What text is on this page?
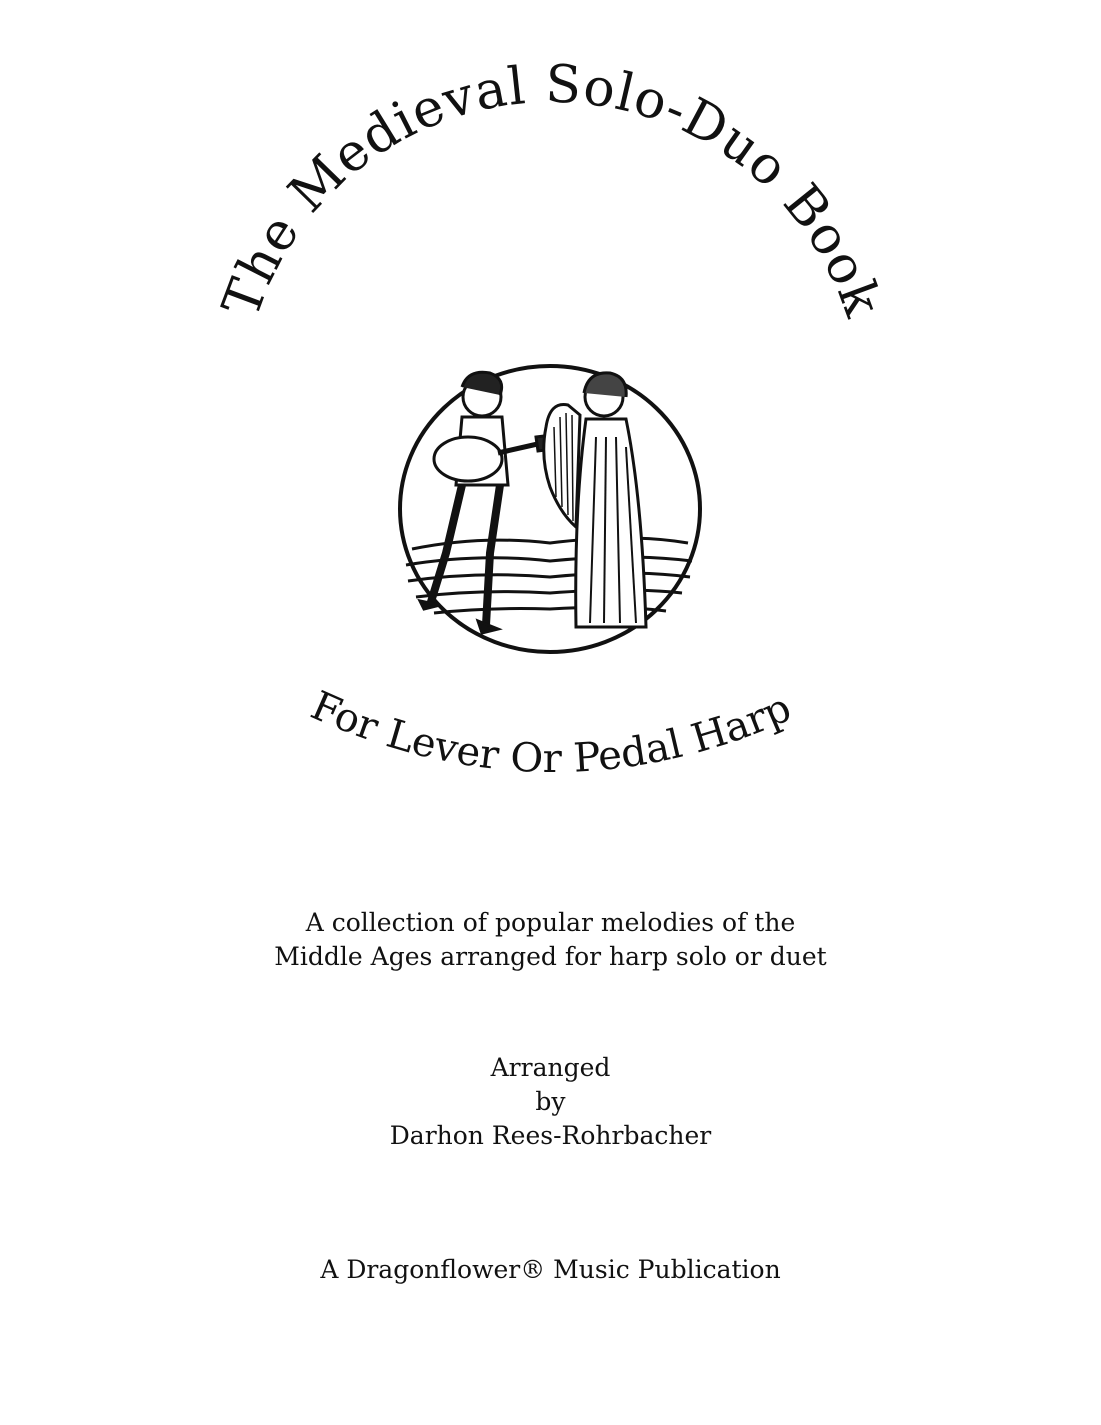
The Medieval Solo-Duo Book
For Lever Or Pedal Harp
A collection of popular melodies of the
Middle Ages arranged for harp solo or duet
Arranged
by
Darhon Rees-Rohrbacher
A Dragonflower® Music Publication
